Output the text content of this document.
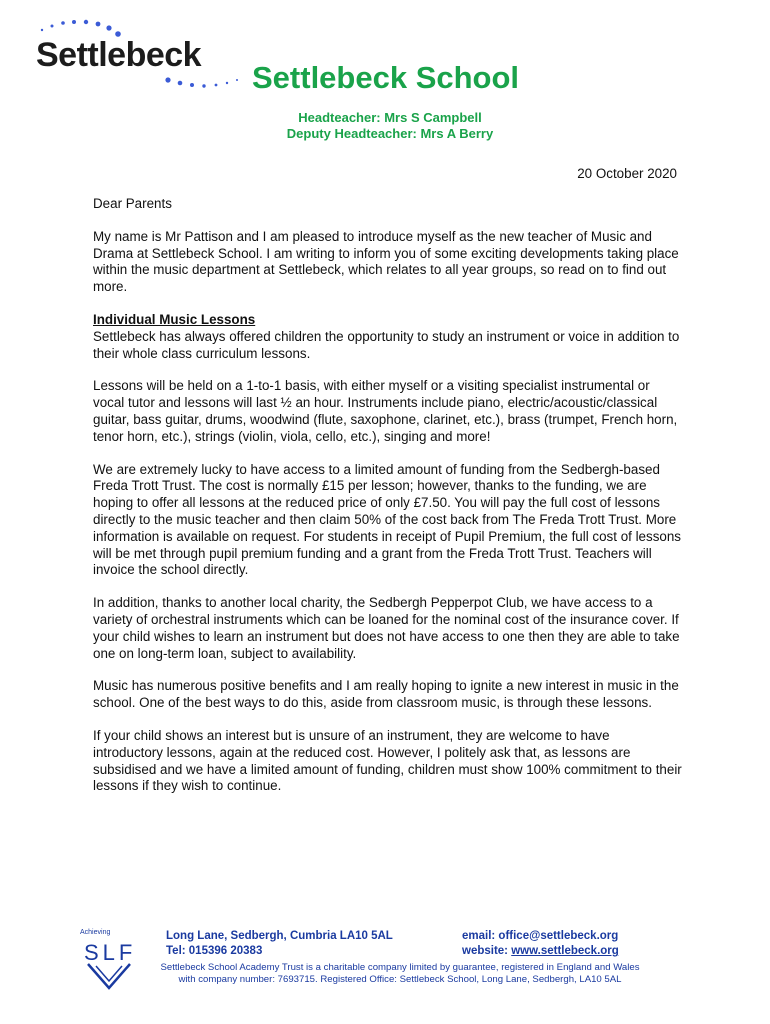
Settlebeck
Settlebeck School
Headteacher: Mrs S Campbell
Deputy Headteacher: Mrs A Berry
20 October 2020

Dear Parents

My name is Mr Pattison and I am pleased to introduce myself as the new teacher of Music and Drama at Settlebeck School. I am writing to inform you of some exciting developments taking place within the music department at Settlebeck, which relates to all year groups, so read on to find out more.

Individual Music Lessons
Settlebeck has always offered children the opportunity to study an instrument or voice in addition to their whole class curriculum lessons.

Lessons will be held on a 1-to-1 basis, with either myself or a visiting specialist instrumental or vocal tutor and lessons will last ½ an hour. Instruments include piano, electric/acoustic/classical guitar, bass guitar, drums, woodwind (flute, saxophone, clarinet, etc.), brass (trumpet, French horn, tenor horn, etc.), strings (violin, viola, cello, etc.), singing and more!

We are extremely lucky to have access to a limited amount of funding from the Sedbergh-based Freda Trott Trust. The cost is normally £15 per lesson; however, thanks to the funding, we are hoping to offer all lessons at the reduced price of only £7.50. You will pay the full cost of lessons directly to the music teacher and then claim 50% of the cost back from The Freda Trott Trust. More information is available on request. For students in receipt of Pupil Premium, the full cost of lessons will be met through pupil premium funding and a grant from the Freda Trott Trust. Teachers will invoice the school directly.

In addition, thanks to another local charity, the Sedbergh Pepperpot Club, we have access to a variety of orchestral instruments which can be loaned for the nominal cost of the insurance cover. If your child wishes to learn an instrument but does not have access to one then they are able to take one on long-term loan, subject to availability.

Music has numerous positive benefits and I am really hoping to ignite a new interest in music in the school. One of the best ways to do this, aside from classroom music, is through these lessons.

If your child shows an interest but is unsure of an instrument, they are welcome to have introductory lessons, again at the reduced cost. However, I politely ask that, as lessons are subsidised and we have a limited amount of funding, children must show 100% commitment to their lessons if they wish to continue.

Achieving
SLF
Long Lane, Sedbergh, Cumbria LA10 5AL
Tel: 015396 20383
email: office@settlebeck.org
website: www.settlebeck.org
Settlebeck School Academy Trust is a charitable company limited by guarantee, registered in England and Wales
with company number: 7693715. Registered Office: Settlebeck School, Long Lane, Sedbergh, LA10 5AL
